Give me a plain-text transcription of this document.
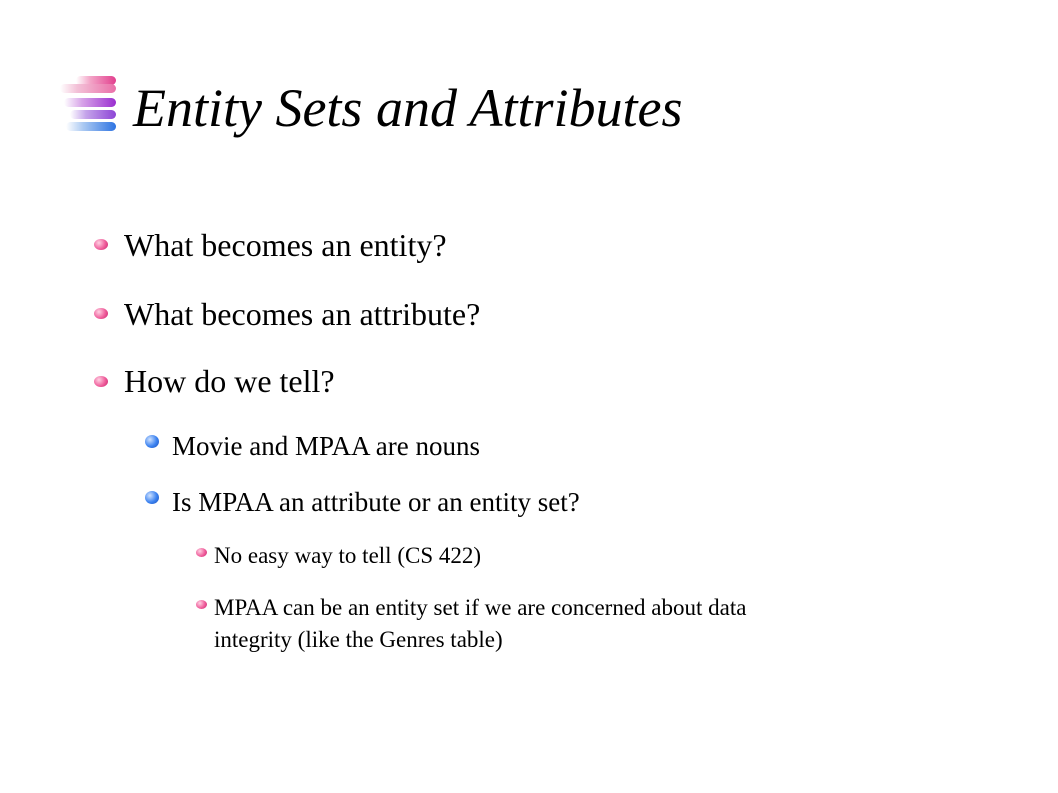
Entity Sets and Attributes
What becomes an entity?
What becomes an attribute?
How do we tell?
Movie and MPAA are nouns
Is MPAA an attribute or an entity set?
No easy way to tell (CS 422)
MPAA can be an entity set if we are concerned about data
integrity (like the Genres table)
